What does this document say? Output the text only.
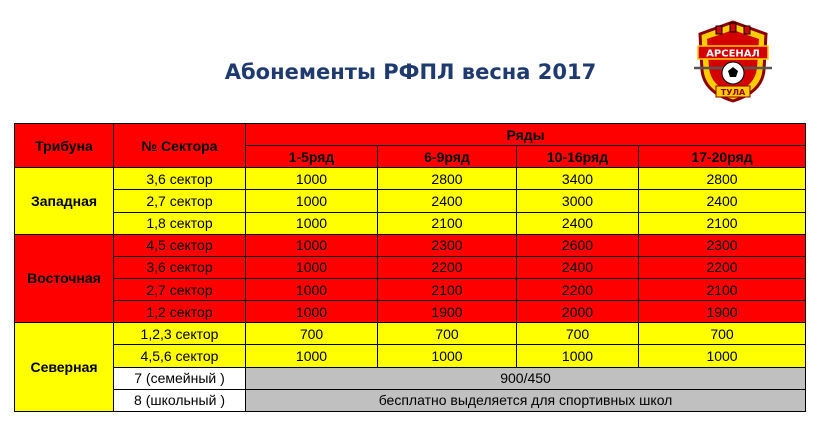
Абонементы РФПЛ весна 2017
АРСЕНАЛ
ТУЛА
Трибуна	№ Сектора	Ряды			
		1-5ряд	6-9ряд	10-16ряд	17-20ряд
Западная	3,6 сектор	1000	2800	3400	2800
	2,7 сектор	1000	2400	3000	2400
	1,8 сектор	1000	2100	2400	2100
Восточная	4,5 сектор	1000	2300	2600	2300
	3,6 сектор	1000	2200	2400	2200
	2,7 сектор	1000	2100	2200	2100
	1,2 сектор	1000	1900	2000	1900
Северная	1,2,3 сектор	700	700	700	700
	4,5,6 сектор	1000	1000	1000	1000
	7 (семейный )	900/450			
	8 (школьный )	бесплатно выделяется для спортивных школ			
